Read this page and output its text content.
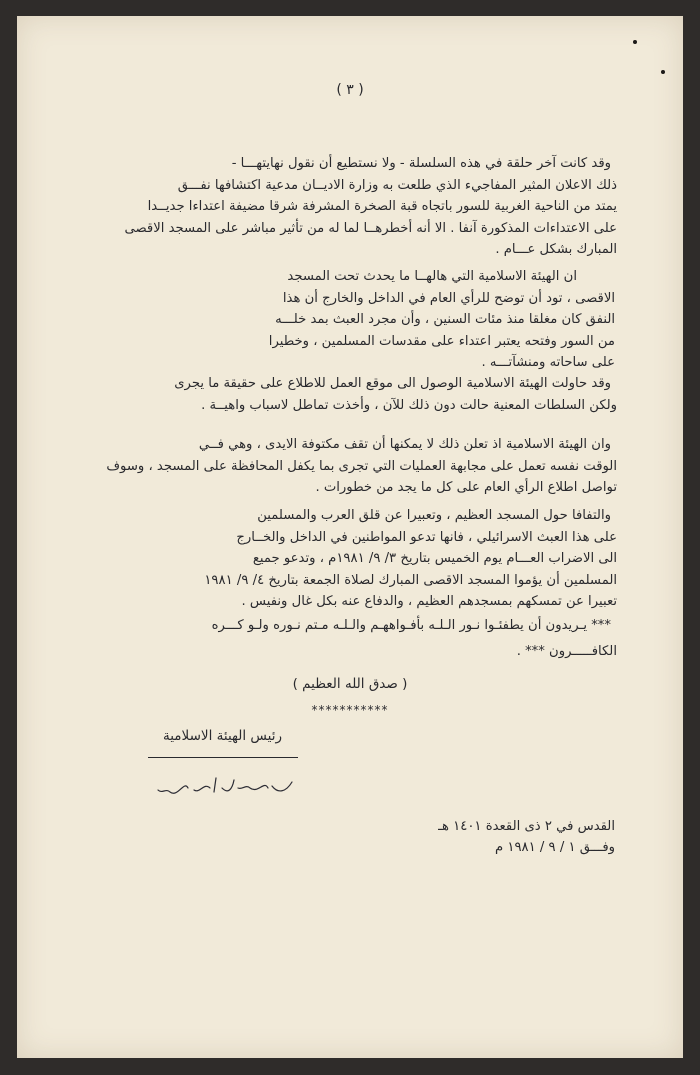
( ٣ )
وقد كانت آخر حلقة في هذه السلسلة - ولا نستطيع أن نقول نهايتهـــا -
ذلك الاعلان المثير المفاجيء الذي طلعت به وزارة الاديــان مدعية اكتشافها نفـــق
يمتد من الناحية الغربية للسور باتجاه قبة الصخرة المشرفة شرقا مضيفة اعتداءا جديــدا
على الاعتداءات المذكورة آنفا . الا أنه أخطرهــا لما له من تأثير مباشر على المسجد الاقصى
المبارك بشكل عـــام .
ان الهيئة الاسلامية التي هالهــا ما يحدث تحت المسجد
الاقصى ، تود أن توضح للرأي العام في الداخل والخارج أن هذا
النفق كان مغلقا منذ مئات السنين ، وأن مجرد العبث بمد خلـــه
من السور وفتحه يعتبر اعتداء على مقدسات المسلمين ، وخطيرا
على ساحاته ومنشآتـــه .
وقد حاولت الهيئة الاسلامية الوصول الى موقع العمل للاطلاع على حقيقة ما يجرى
ولكن السلطات المعنية حالت دون ذلك للآن ، وأخذت تماطل لاسباب واهيــة .
وان الهيئة الاسلامية اذ تعلن ذلك لا يمكنها أن تقف مكتوفة الايدى ، وهي فــي
الوقت نفسه تعمل على مجابهة العمليات التي تجرى بما يكفل المحافظة على المسجد ، وسوف
تواصل اطلاع الرأي العام على كل ما يجد من خطورات .
والتفافا حول المسجد العظيم ، وتعبيرا عن قلق العرب والمسلمين
على هذا العبث الاسرائيلي ، فانها تدعو المواطنين في الداخل والخــارج
الى الاضراب العـــام يوم الخميس بتاريخ ٣/ ٩/ ١٩٨١م ، وتدعو جميع
المسلمين أن يؤموا المسجد الاقصى المبارك لصلاة الجمعة بتاريخ ٤/ ٩/ ١٩٨١
تعبيرا عن تمسكهم بمسجدهم العظيم ، والدفاع عنه بكل غال ونفيس .
*** يـريدون أن يطفئـوا نـور الـلـه بأفـواههـم والـلـه مـتم نـوره ولـو كـــره
الكافـــــرون *** .
( صدق الله العظيم )
***********
رئيس الهيئة الاسلامية
القدس في ٢ ذى القعدة ١٤٠١ هـ
وفـــق ١ / ٩ / ١٩٨١ م
